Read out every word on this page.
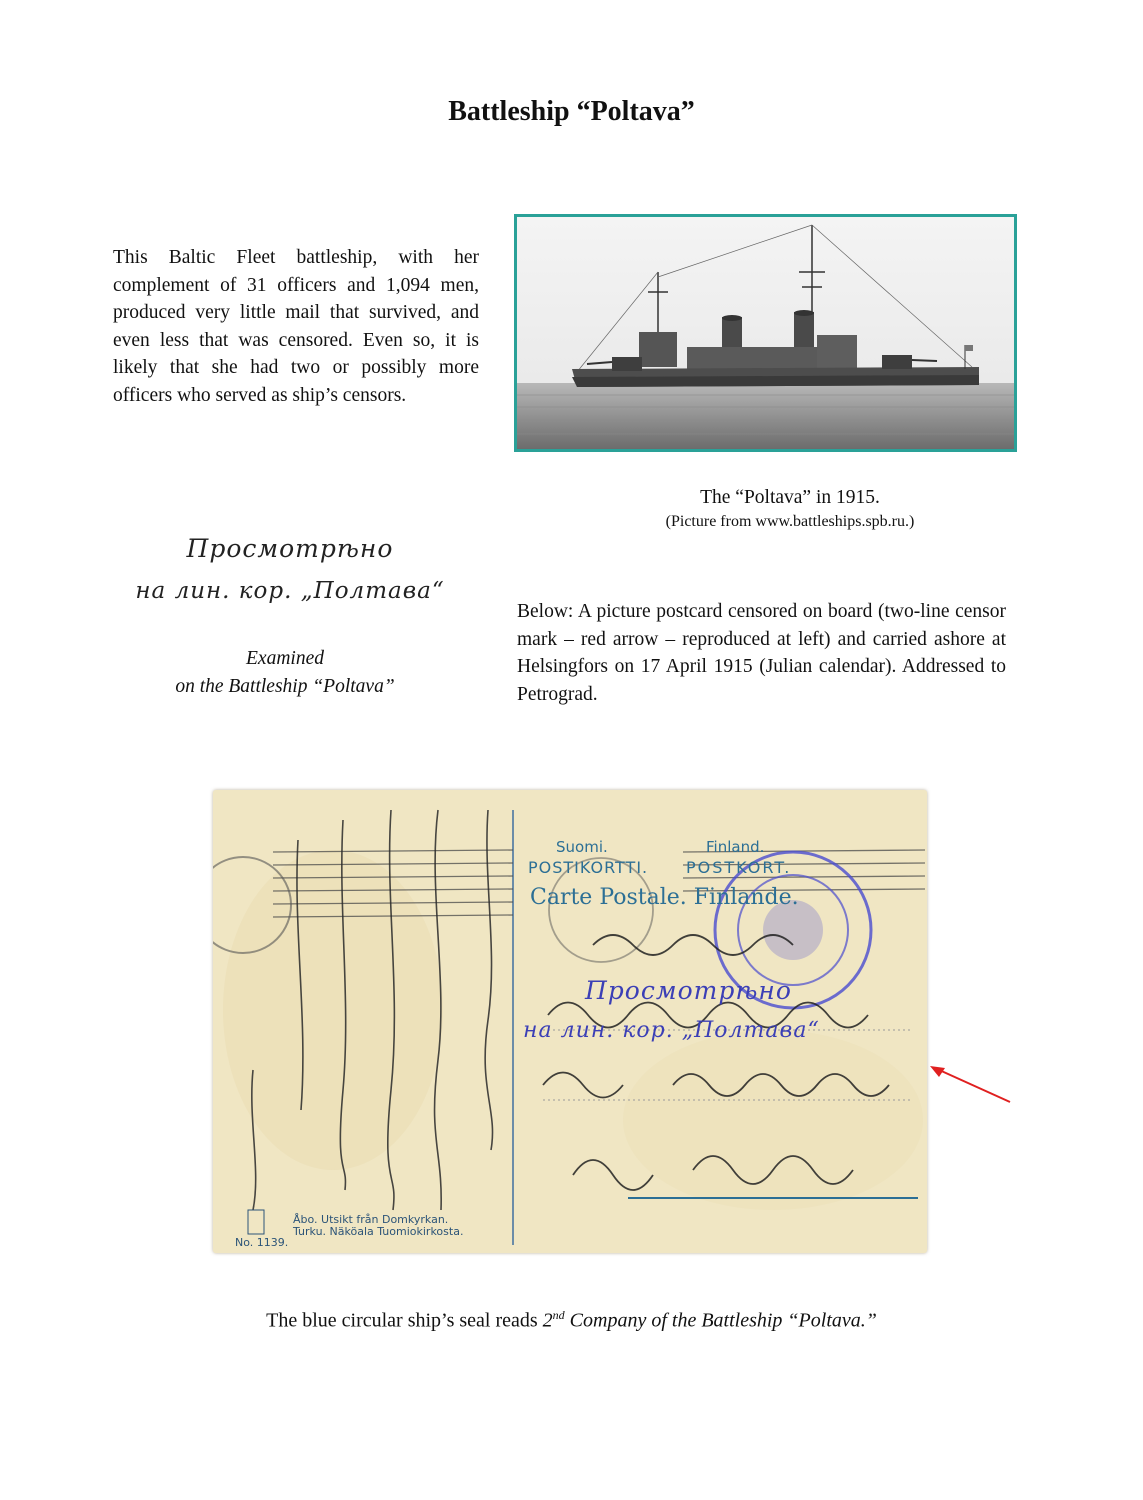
Battleship “Poltava”
This Baltic Fleet battleship, with her complement of 31 officers and 1,094 men, produced very little mail that survived, and even less that was censored. Even so, it is likely that she had two or possibly more officers who served as ship’s censors.
The “Poltava” in 1915.
(Picture from www.battleships.spb.ru.)
Просмотрѣно
на лин. кор. „Полтава“
Examined
on the Battleship “Poltava”
Below: A picture postcard censored on board (two-line censor mark – red arrow – reproduced at left) and carried ashore at Helsingfors on 17 April 1915 (Julian calendar). Addressed to Petrograd.
Suomi.	Finland.
POSTIKORTTI. POSTKORT.
Carte Postale. Finlande.
Просмотрѣно
на лин. кор. „Полтава“
Åbo. Utsikt från Domkyrkan.
Turku. Näköala Tuomiokirkosta.
No. 1139.
The blue circular ship’s seal reads 2nd Company of the Battleship “Poltava.”
